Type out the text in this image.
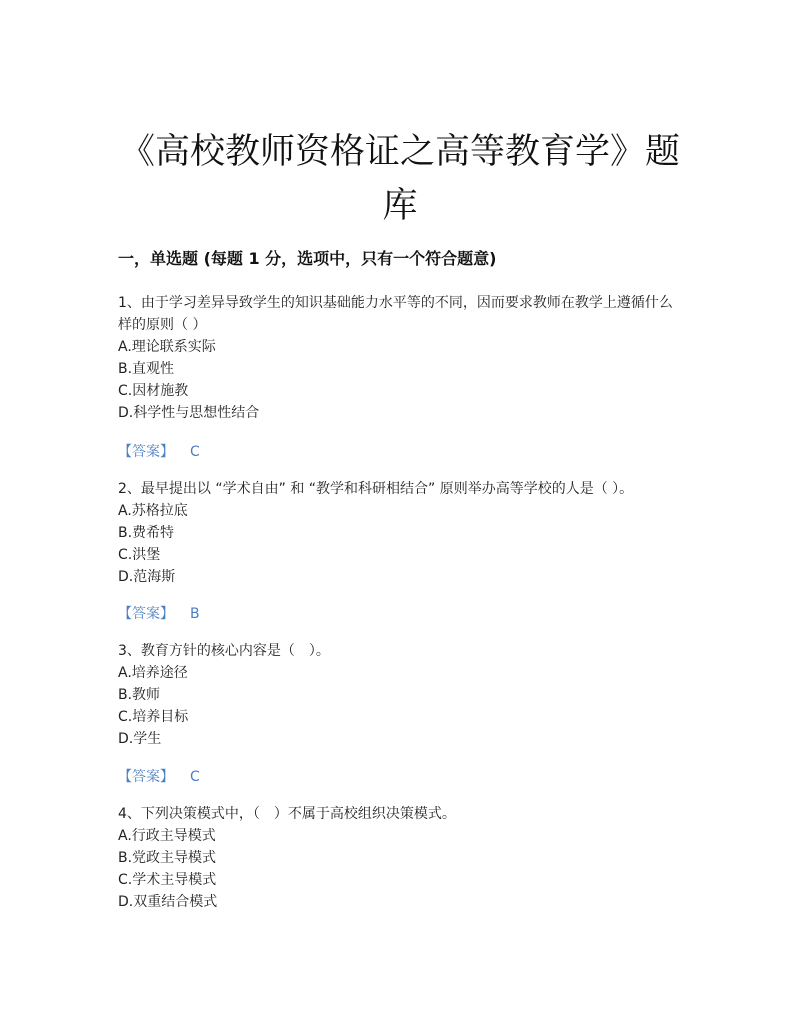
《高校教师资格证之高等教育学》题库
一，单选题 (每题 1 分，选项中，只有一个符合题意)

1、由于学习差异导致学生的知识基础能力水平等的不同，因而要求教师在教学上遵循什么样的原则（ ）

A.理论联系实际
B.直观性
C.因材施教
D.科学性与思想性结合
【答案】 C

2、最早提出以 “学术自由” 和 “教学和科研相结合” 原则举办高等学校的人是（ ）。

A.苏格拉底
B.费希特
C.洪堡
D.范海斯
【答案】 B

3、教育方针的核心内容是（　）。

A.培养途径
B.教师
C.培养目标
D.学生
【答案】 C

4、下列决策模式中，（　）不属于高校组织决策模式。

A.行政主导模式
B.党政主导模式
C.学术主导模式
D.双重结合模式
